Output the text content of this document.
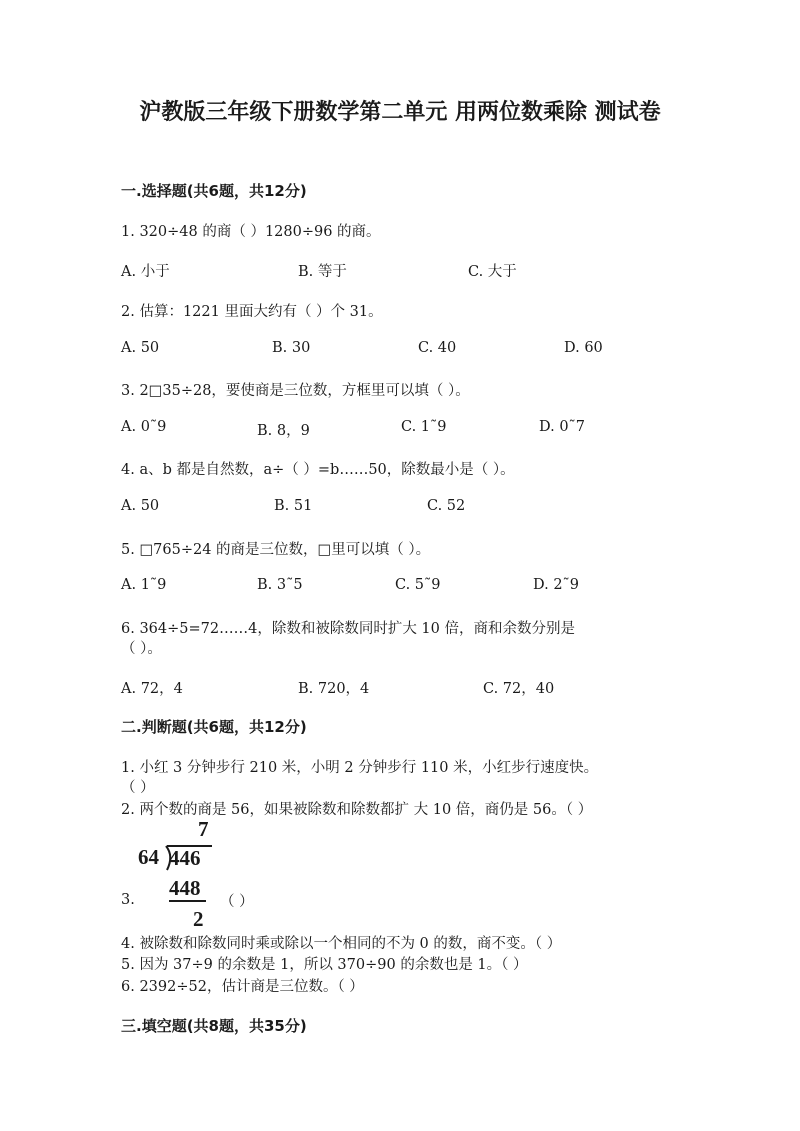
沪教版三年级下册数学第二单元 用两位数乘除 测试卷
一.选择题(共6题，共12分)
1. 320÷48 的商（ ）1280÷96 的商。
A. 小于	B. 等于	C. 大于
2. 估算：1221 里面大约有（ ）个 31。
A. 50	B. 30	C. 40	D. 60
3. 2□35÷28，要使商是三位数，方框里可以填（ ）。
A. 0˜9	B. 8，9	C. 1˜9	D. 0˜7
4. a、b 都是自然数，a÷（ ）=b……50，除数最小是（ ）。
A. 50	B. 51	C. 52
5. □765÷24 的商是三位数，□里可以填（ ）。
A. 1˜9	B. 3˜5	C. 5˜9	D. 2˜9
6. 364÷5=72……4，除数和被除数同时扩大 10 倍，商和余数分别是
（ ）。
A. 72，4	B. 720，4	C. 72，40
二.判断题(共6题，共12分)
1. 小红 3 分钟步行 210 米，小明 2 分钟步行 110 米，小红步行速度快。
（ ）
2. 两个数的商是 56，如果被除数和除数都扩 大 10 倍，商仍是 56。（ ）
7
64 446
448
2
3.	（ ）
4. 被除数和除数同时乘或除以一个相同的不为 0 的数，商不变。（ ）
5. 因为 37÷9 的余数是 1，所以 370÷90 的余数也是 1。（ ）
6. 2392÷52，估计商是三位数。（ ）
三.填空题(共8题，共35分)
